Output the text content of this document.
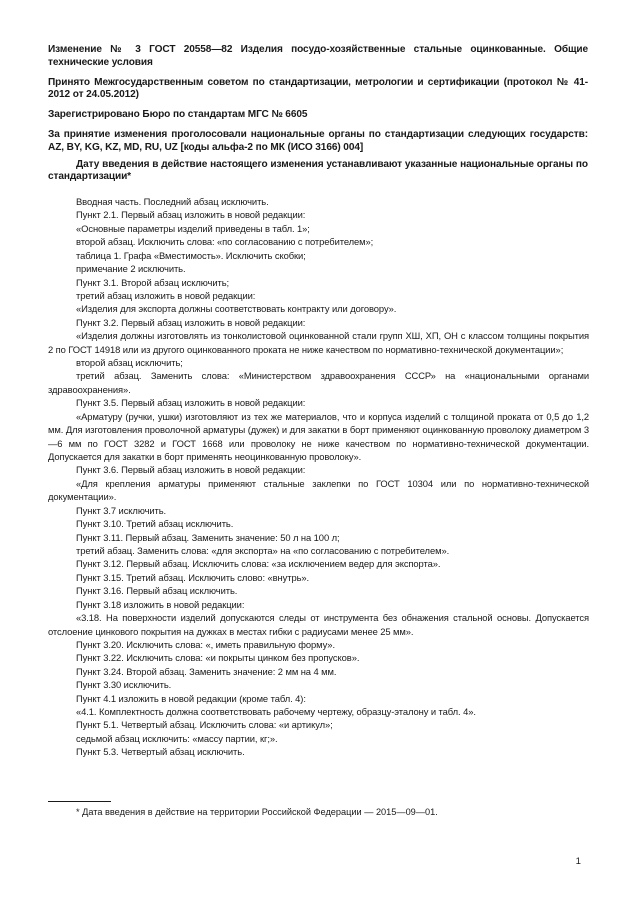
Изменение № 3 ГОСТ 20558—82 Изделия посудо-хозяйственные стальные оцинкованные. Общие технические условия

Принято Межгосударственным советом по стандартизации, метрологии и сертификации (протокол № 41-2012 от 24.05.2012)

Зарегистрировано Бюро по стандартам МГС № 6605

За принятие изменения проголосовали национальные органы по стандартизации следующих государств: AZ, BY, KG, KZ, MD, RU, UZ [коды альфа-2 по МК (ИСО 3166) 004]

Дату введения в действие настоящего изменения устанавливают указанные национальные органы по стандартизации*

Вводная часть. Последний абзац исключить.

Пункт 2.1. Первый абзац изложить в новой редакции:

«Основные параметры изделий приведены в табл. 1»;

второй абзац. Исключить слова: «по согласованию с потребителем»;

таблица 1. Графа «Вместимость». Исключить скобки;

примечание 2 исключить.

Пункт 3.1. Второй абзац исключить;

третий абзац изложить в новой редакции:

«Изделия для экспорта должны соответствовать контракту или договору».

Пункт 3.2. Первый абзац изложить в новой редакции:

«Изделия должны изготовлять из тонколистовой оцинкованной стали групп ХШ, ХП, ОН с классом толщины покрытия 2 по ГОСТ 14918 или из другого оцинкованного проката не ниже качеством по нормативно-технической документации»;

второй абзац исключить;

третий абзац. Заменить слова: «Министерством здравоохранения СССР» на «национальными органами здравоохранения».

Пункт 3.5. Первый абзац изложить в новой редакции:

«Арматуру (ручки, ушки) изготовляют из тех же материалов, что и корпуса изделий с толщиной проката от 0,5 до 1,2 мм. Для изготовления проволочной арматуры (дужек) и для закатки в борт применяют оцинкованную проволоку диаметром 3—6 мм по ГОСТ 3282 и ГОСТ 1668 или проволоку не ниже качеством по нормативно-технической документации. Допускается для закатки в борт применять неоцинкованную проволоку».

Пункт 3.6. Первый абзац изложить в новой редакции:

«Для крепления арматуры применяют стальные заклепки по ГОСТ 10304 или по нормативно-технической документации».

Пункт 3.7 исключить.

Пункт 3.10. Третий абзац исключить.

Пункт 3.11. Первый абзац. Заменить значение: 50 л на 100 л;

третий абзац. Заменить слова: «для экспорта» на «по согласованию с потребителем».

Пункт 3.12. Первый абзац. Исключить слова: «за исключением ведер для экспорта».

Пункт 3.15. Третий абзац. Исключить слово: «внутрь».

Пункт 3.16. Первый абзац исключить.

Пункт 3.18 изложить в новой редакции:

«3.18. На поверхности изделий допускаются следы от инструмента без обнажения стальной основы. Допускается отслоение цинкового покрытия на дужках в местах гибки с радиусами менее 25 мм».

Пункт 3.20. Исключить слова: «, иметь правильную форму».

Пункт 3.22. Исключить слова: «и покрыты цинком без пропусков».

Пункт 3.24. Второй абзац. Заменить значение: 2 мм на 4 мм.

Пункт 3.30 исключить.

Пункт 4.1 изложить в новой редакции (кроме табл. 4):

«4.1. Комплектность должна соответствовать рабочему чертежу, образцу-эталону и табл. 4».

Пункт 5.1. Четвертый абзац. Исключить слова: «и артикул»;

седьмой абзац исключить: «массу партии, кг;».

Пункт 5.3. Четвертый абзац исключить.

* Дата введения в действие на территории Российской Федерации — 2015—09—01.

1
